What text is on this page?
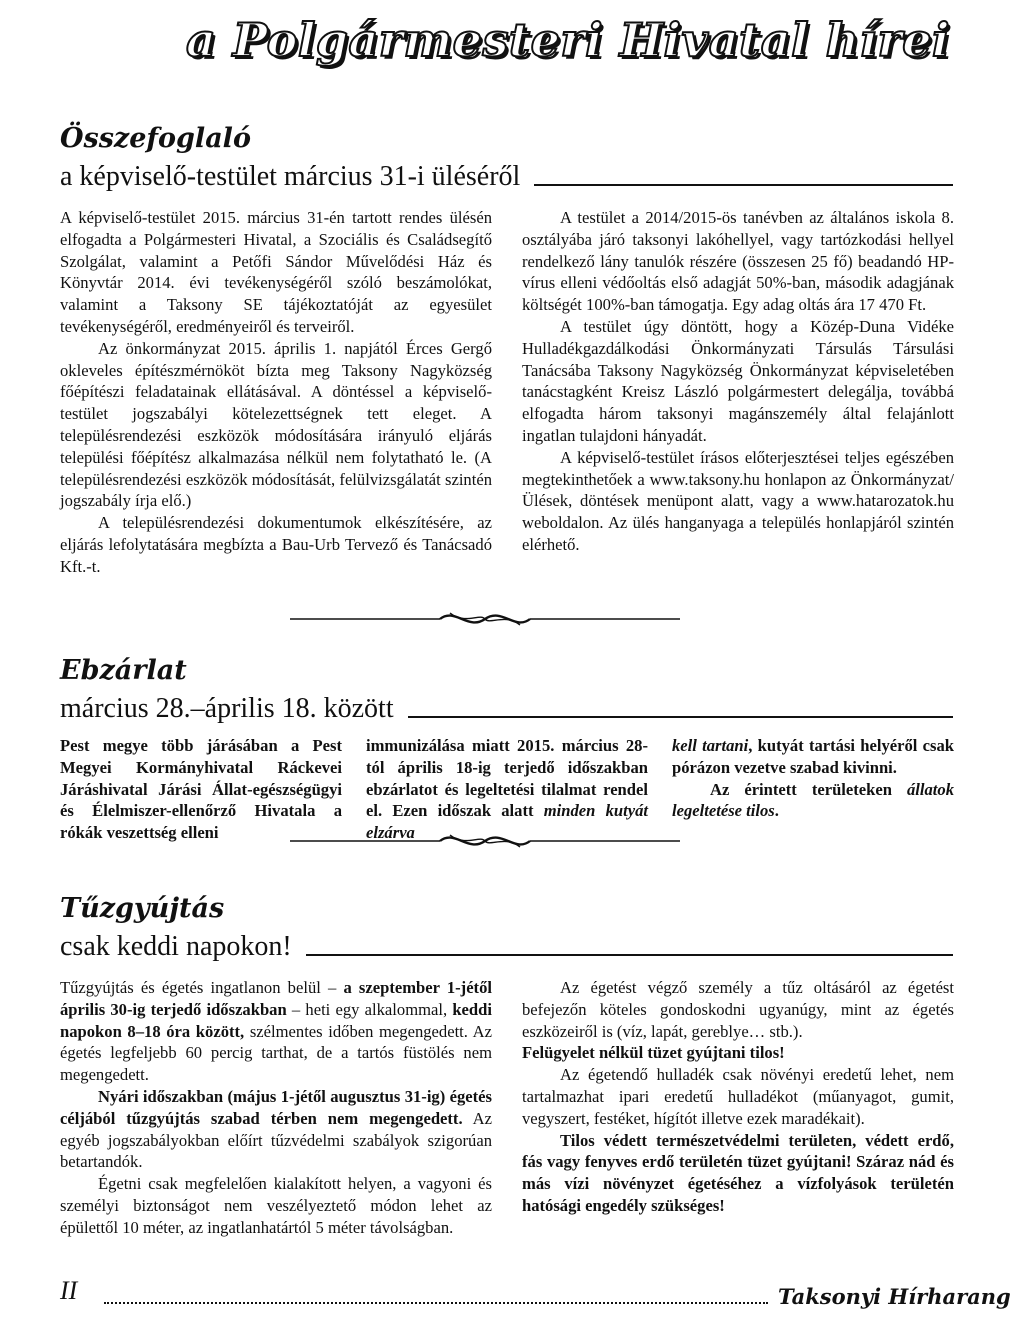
a Polgármesteri Hivatal hírei
Összefoglaló
a képviselő-testület március 31-i üléséről

A képviselő-testület 2015. március 31-én tartott rendes ülésén elfogadta a Polgármesteri Hivatal, a Szociális és Családsegítő Szolgálat, valamint a Petőfi Sándor Művelődési Ház és Könyvtár 2014. évi tevékenységéről szóló beszámolókat, valamint a Taksony SE tájékoztatóját az egyesület tevékenységéről, eredményeiről és terveiről.

Az önkormányzat 2015. április 1. napjától Érces Gergő okleveles építészmérnököt bízta meg Taksony Nagyközség főépítészi feladatainak ellátásával. A döntéssel a képviselő-testület jogszabályi kötelezettségnek tett eleget. A településrendezési eszközök módosítására irányuló eljárás települési főépítész alkalmazása nélkül nem folytatható le. (A településrendezési eszközök módosítását, felülvizsgálatát szintén jogszabály írja elő.)

A településrendezési dokumentumok elkészítésére, az eljárás lefolytatására megbízta a Bau-Urb Tervező és Tanácsadó Kft.-t.

A testület a 2014/2015-ös tanévben az általános iskola 8. osztályába járó taksonyi lakóhellyel, vagy tartózkodási hellyel rendelkező lány tanulók részére (összesen 25 fő) beadandó HP-vírus elleni védőoltás első adagját 50%-ban, második adagjának költségét 100%-ban támogatja. Egy adag oltás ára 17 470 Ft.

A testület úgy döntött, hogy a Közép-Duna Vidéke Hulladékgazdálkodási Önkormányzati Társulás Társulási Tanácsába Taksony Nagyközség Önkormányzat képviseletében tanácstagként Kreisz László polgármestert delegálja, továbbá elfogadta három taksonyi magánszemély által felajánlott ingatlan tulajdoni hányadát.

A képviselő-testület írásos előterjesztései teljes egészében megtekinthetőek a www.taksony.hu honlapon az Önkormányzat/Ülések, döntések menüpont alatt, vagy a www.hatarozatok.hu weboldalon. Az ülés hanganyaga a település honlapjáról szintén elérhető.

Ebzárlat
március 28.–április 18. között

Pest megye több járásában a Pest Megyei Kormányhivatal Ráckevei Járáshivatal Járási Állat-egészségügyi és Élelmiszer-ellenőrző Hivatala a rókák veszettség elleni

immunizálása miatt 2015. március 28-tól április 18-ig terjedő időszakban ebzárlatot és legeltetési tilalmat rendel el. Ezen időszak alatt minden kutyát elzárva

kell tartani, kutyát tartási helyéről csak pórázon vezetve szabad kivinni.

Az érintett területeken állatok legeltetése tilos.

Tűzgyújtás
csak keddi napokon!

Tűzgyújtás és égetés ingatlanon belül – a szeptember 1-jétől április 30-ig terjedő időszakban – heti egy alkalommal, keddi napokon 8–18 óra között, szélmentes időben megengedett. Az égetés legfeljebb 60 percig tarthat, de a tartós füstölés nem megengedett.

Nyári időszakban (május 1-jétől augusztus 31-ig) égetés céljából tűzgyújtás szabad térben nem megengedett. Az egyéb jogszabályokban előírt tűzvédelmi szabályok szigorúan betartandók.

Égetni csak megfelelően kialakított helyen, a vagyoni és személyi biztonságot nem veszélyeztető módon lehet az épülettől 10 méter, az ingatlanhatártól 5 méter távolságban.

Az égetést végző személy a tűz oltásáról az égetést befejezőn köteles gondoskodni ugyanúgy, mint az égetés eszközeiről is (víz, lapát, gereblye… stb.).

Felügyelet nélkül tüzet gyújtani tilos!

Az égetendő hulladék csak növényi eredetű lehet, nem tartalmazhat ipari eredetű hulladékot (műanyagot, gumit, vegyszert, festéket, hígítót illetve ezek maradékait).

Tilos védett természetvédelmi területen, védett erdő, fás vagy fenyves erdő területén tüzet gyújtani! Száraz nád és más vízi növényzet égetéséhez a vízfolyások területén hatósági engedély szükséges!

II	Taksonyi Hírharang
